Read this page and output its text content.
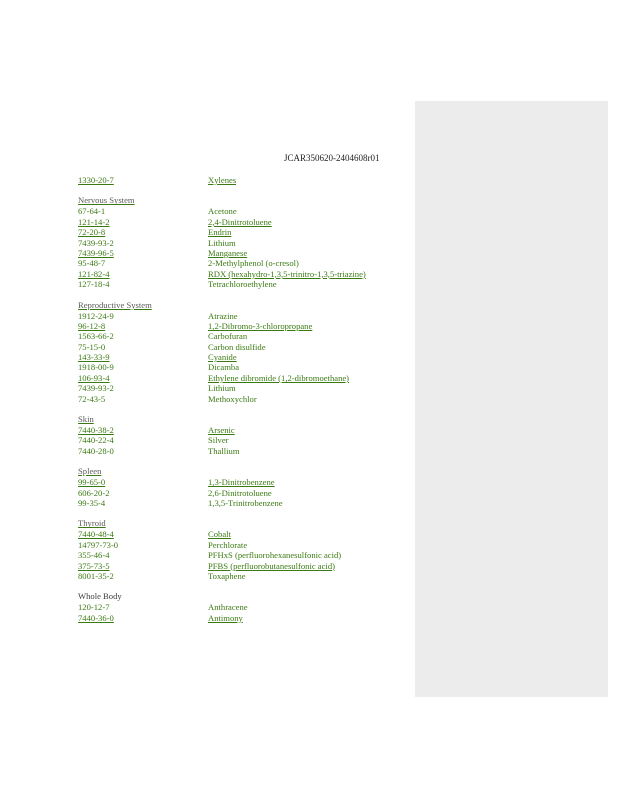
JCAR350620-2404608r01
1330-20-7	Xylenes
Nervous System
67-64-1	Acetone
121-14-2	2,4-Dinitrotoluene
72-20-8	Endrin
7439-93-2	Lithium
7439-96-5	Manganese
95-48-7	2-Methylphenol (o-cresol)
121-82-4	RDX (hexahydro-1,3,5-trinitro-1,3,5-triazine)
127-18-4	Tetrachloroethylene
Reproductive System
1912-24-9	Atrazine
96-12-8	1,2-Dibromo-3-chloropropane
1563-66-2	Carbofuran
75-15-0	Carbon disulfide
143-33-9	Cyanide
1918-00-9	Dicamba
106-93-4	Ethylene dibromide (1,2-dibromoethane)
7439-93-2	Lithium
72-43-5	Methoxychlor
Skin
7440-38-2	Arsenic
7440-22-4	Silver
7440-28-0	Thallium
Spleen
99-65-0	1,3-Dinitrobenzene
606-20-2	2,6-Dinitrotoluene
99-35-4	1,3,5-Trinitrobenzene
Thyroid
7440-48-4	Cobalt
14797-73-0	Perchlorate
355-46-4	PFHxS (perfluorohexanesulfonic acid)
375-73-5	PFBS (perfluorobutanesulfonic acid)
8001-35-2	Toxaphene
Whole Body
120-12-7	Anthracene
7440-36-0	Antimony
